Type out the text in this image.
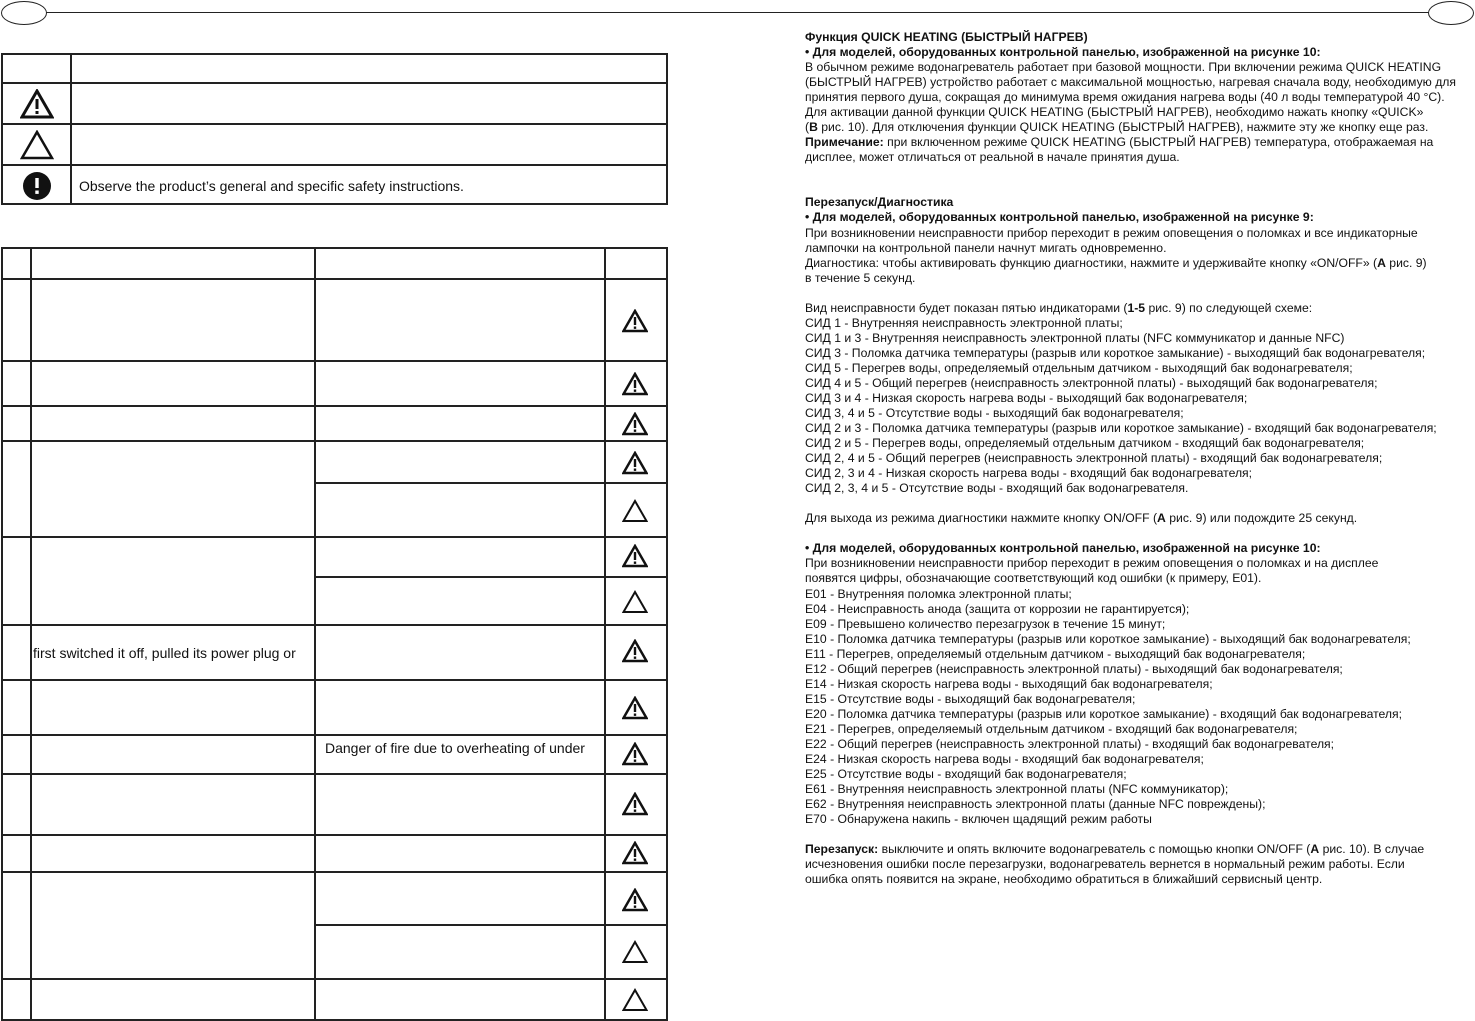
Observe the product’s general and specific safety instructions.
first switched it off, pulled its power plug or
Danger of fire due to overheating of under

Функция QUICK HEATING (БЫСТРЫЙ НАГРЕВ)

• Для моделей, оборудованных контрольной панелью, изображенной на рисунке 10:

В обычном режиме водонагреватель работает при базовой мощности. При включении режима QUICK HEATING

(БЫСТРЫЙ НАГРЕВ) устройство работает с максимальной мощностью, нагревая сначала воду, необходимую для

принятия первого душа, сокращая до минимума время ожидания нагрева воды (40 л воды температурой 40 °C).

Для активации данной функции QUICK HEATING (БЫСТРЫЙ НАГРЕВ), необходимо нажать кнопку «QUICK»

(B рис. 10). Для отключения функции QUICK HEATING (БЫСТРЫЙ НАГРЕВ), нажмите эту же кнопку еще раз.

Примечание: при включенном режиме QUICK HEATING (БЫСТРЫЙ НАГРЕВ) температура, отображаемая на

дисплее, может отличаться от реальной в начале принятия душа.

Перезапуск/Диагностика

• Для моделей, оборудованных контрольной панелью, изображенной на рисунке 9:

При возникновении неисправности прибор переходит в режим оповещения о поломках и все индикаторные

лампочки на контрольной панели начнут мигать одновременно.

Диагностика: чтобы активировать функцию диагностики, нажмите и удерживайте кнопку «ON/OFF» (A рис. 9)

в течение 5 секунд.

Вид неисправности будет показан пятью индикаторами (1-5 рис. 9) по следующей схеме:

СИД 1 - Внутренняя неисправность электронной платы;

СИД 1 и 3 - Внутренняя неисправность электронной платы (NFC коммуникатор и данные NFC)

СИД 3 - Поломка датчика температуры (разрыв или короткое замыкание) - выходящий бак водонагревателя;

СИД 5 - Перегрев воды, определяемый отдельным датчиком - выходящий бак водонагревателя;

СИД 4 и 5 - Общий перегрев (неисправность электронной платы) - выходящий бак водонагревателя;

СИД 3 и 4 - Низкая скорость нагрева воды - выходящий бак водонагревателя;

СИД 3, 4 и 5 - Отсутствие воды - выходящий бак водонагревателя;

СИД 2 и 3 - Поломка датчика температуры (разрыв или короткое замыкание) - входящий бак водонагревателя;

СИД 2 и 5 - Перегрев воды, определяемый отдельным датчиком - входящий бак водонагревателя;

СИД 2, 4 и 5 - Общий перегрев (неисправность электронной платы) - входящий бак водонагревателя;

СИД 2, 3 и 4 - Низкая скорость нагрева воды - входящий бак водонагревателя;

СИД 2, 3, 4 и 5 - Отсутствие воды - входящий бак водонагревателя.

Для выхода из режима диагностики нажмите кнопку ON/OFF (A рис. 9) или подождите 25 секунд.

• Для моделей, оборудованных контрольной панелью, изображенной на рисунке 10:

При возникновении неисправности прибор переходит в режим оповещения о поломках и на дисплее

появятся цифры, обозначающие соответствующий код ошибки (к примеру, E01).

E01 - Внутренняя поломка электронной платы;

E04 - Неисправность анода (защита от коррозии не гарантируется);

E09 - Превышено количество перезагрузок в течение 15 минут;

E10 - Поломка датчика температуры (разрыв или короткое замыкание) - выходящий бак водонагревателя;

E11 - Перегрев, определяемый отдельным датчиком - выходящий бак водонагревателя;

E12 - Общий перегрев (неисправность электронной платы) - выходящий бак водонагревателя;

E14 - Низкая скорость нагрева воды - выходящий бак водонагревателя;

E15 - Отсутствие воды - выходящий бак водонагревателя;

E20 - Поломка датчика температуры (разрыв или короткое замыкание) - входящий бак водонагревателя;

E21 - Перегрев, определяемый отдельным датчиком - входящий бак водонагревателя;

E22 - Общий перегрев (неисправность электронной платы) - входящий бак водонагревателя;

E24 - Низкая скорость нагрева воды - входящий бак водонагревателя;

E25 - Отсутствие воды - входящий бак водонагревателя;

E61 - Внутренняя неисправность электронной платы (NFC коммуникатор);

E62 - Внутренняя неисправность электронной платы (данные NFC повреждены);

E70 - Обнаружена накипь - включен щадящий режим работы

Перезапуск: выключите и опять включите водонагреватель с помощью кнопки ON/OFF (A рис. 10). В случае

исчезновения ошибки после перезагрузки, водонагреватель вернется в нормальный режим работы. Если

ошибка опять появится на экране, необходимо обратиться в ближайший сервисный центр.
